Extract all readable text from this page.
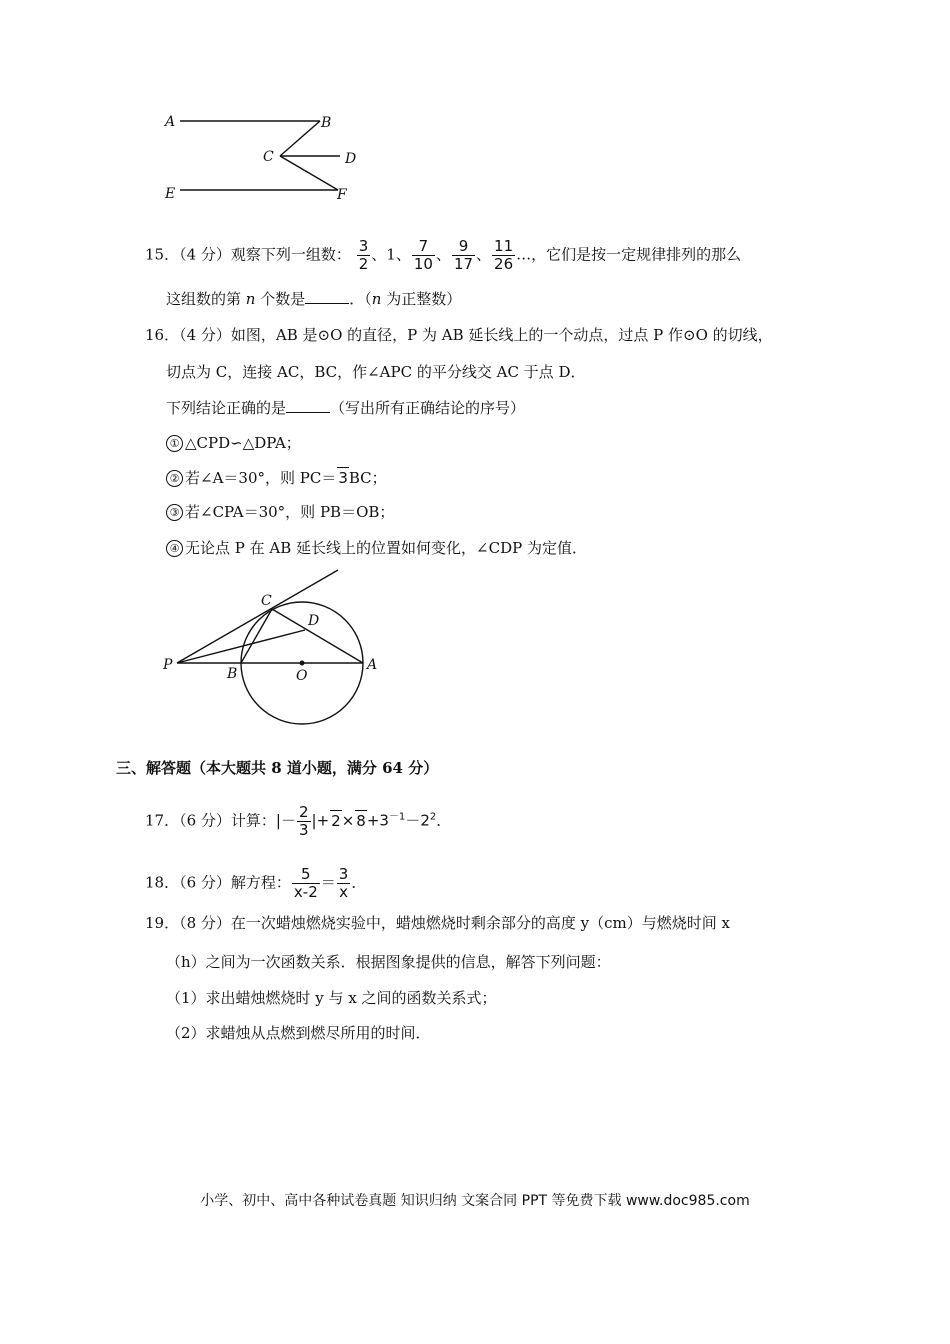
A	B
C	D
E	F
15．（4 分）观察下列一组数： $\frac{3}{2}$ 、1、 $\frac{7}{10}$ 、 $\frac{9}{17}$ 、 $\frac{11}{26}$ …，它们是按一定规律排列的那么
这组数的第 n 个数是	．（n 为正整数）
16．（4 分）如图，AB 是⊙O 的直径，P 为 AB 延长线上的一个动点，过点 P 作⊙O 的切线，
切点为 C，连接 AC，BC，作∠APC 的平分线交 AC 于点 D．
下列结论正确的是	（写出所有正确结论的序号）
① △CPD∽△DPA；
② 若∠A＝30°，则 PC＝ 3BC；
③ 若∠CPA＝30°，则 PB＝OB；
④ 无论点 P 在 AB 延长线上的位置如何变化，∠CDP 为定值．
P
B	O
A
C
D
三、解答题（本大题共 8 道小题，满分 64 分）
17．（6 分）计算：|－ $\frac{2}{3}$ |+ $2\times 8+3^{-1}-2^2$．
18．（6 分）解方程： $\frac{5}{x-2} = \frac{3}{x}$ ．
19．（8 分）在一次蜡烛燃烧实验中，蜡烛燃烧时剩余部分的高度 y（cm）与燃烧时间 x
（h）之间为一次函数关系．根据图象提供的信息，解答下列问题：
（1）求出蜡烛燃烧时 y 与 x 之间的函数关系式；
（2）求蜡烛从点燃到燃尽所用的时间．
小学、初中、高中各种试卷真题 知识归纳 文案合同 PPT 等免费下载 www.doc985.com
